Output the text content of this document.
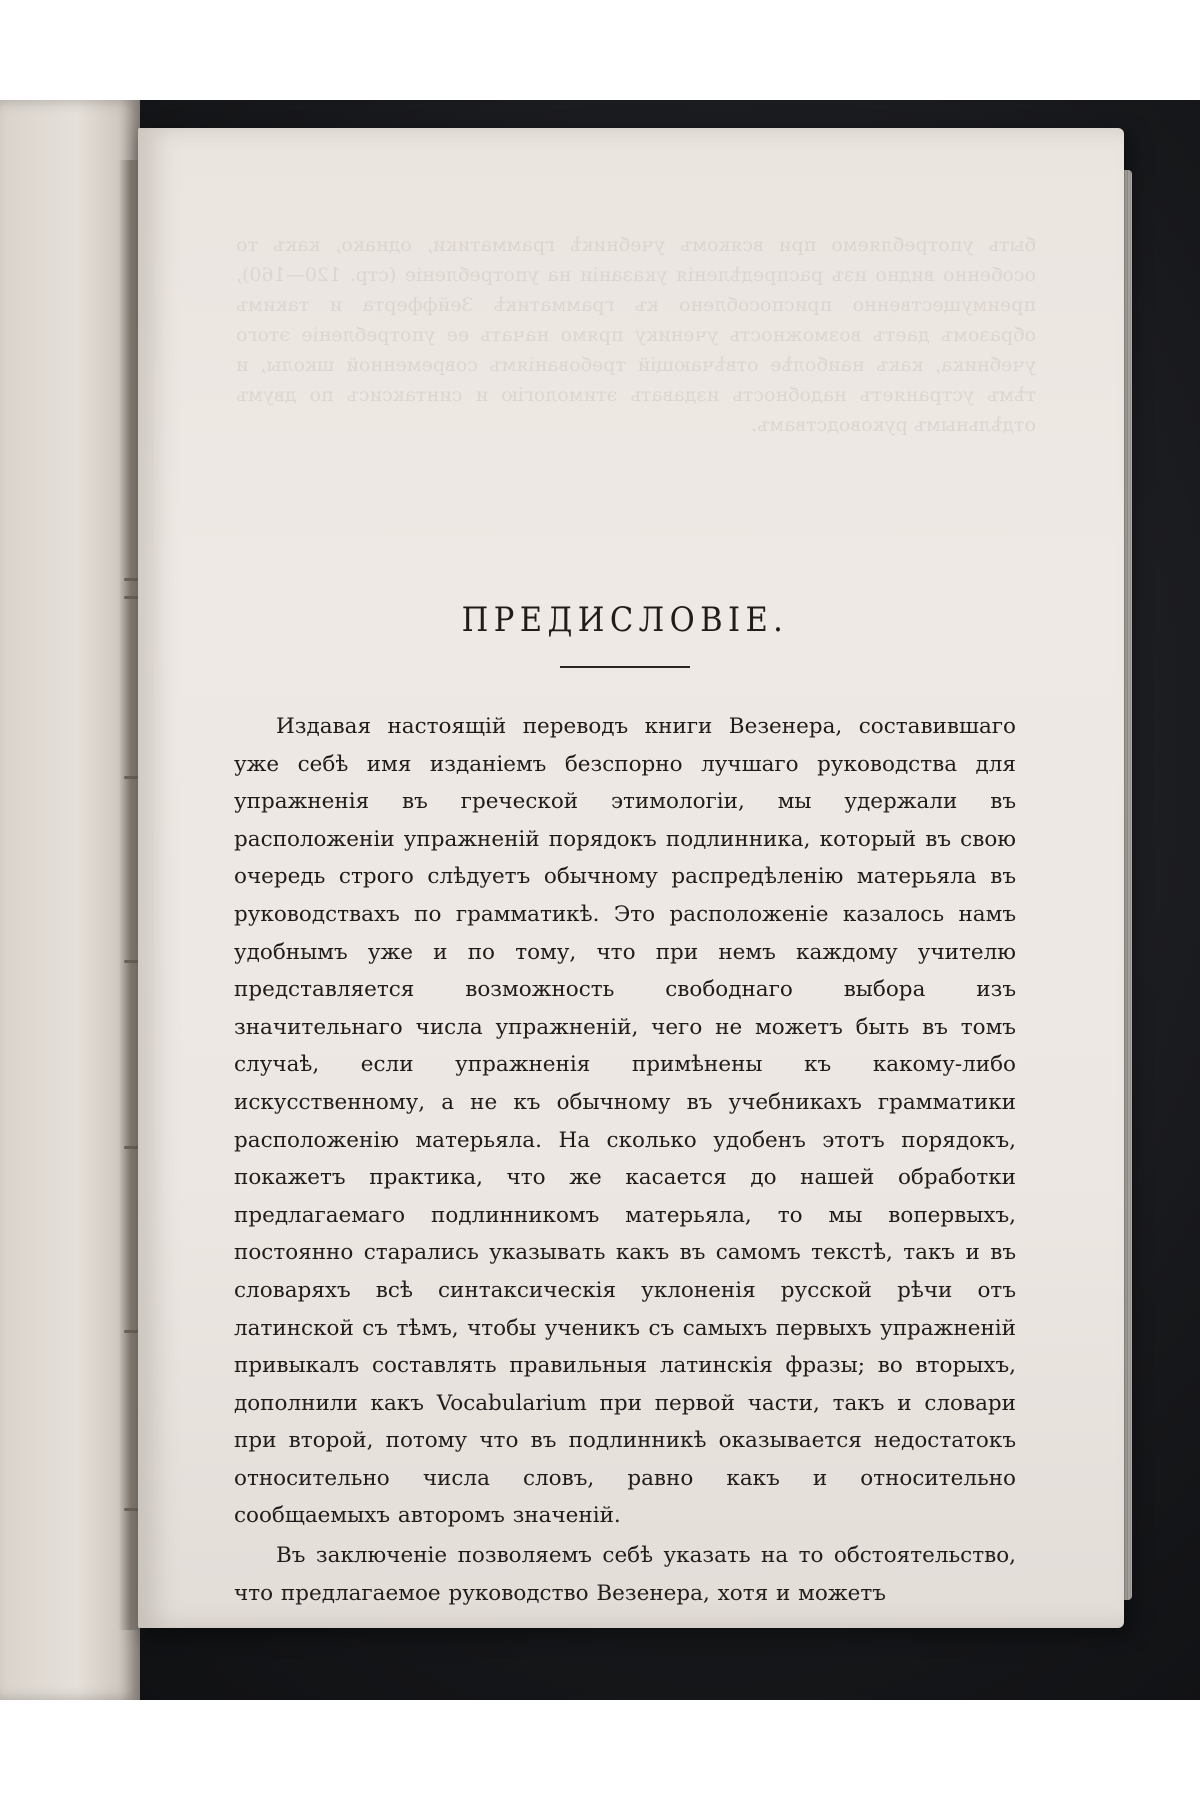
быть употребляемо при всякомъ учебникѣ грамматики, однако, какъ то особенно видно изъ распредѣленія указаніи на употребленіе (стр. 120—160), преимущественно приспособлено къ грамматикѣ Зейфферта и такимъ образомъ даетъ возможность ученику прямо начать ее употребленіе этого учебника, какъ наиболѣе отвѣчающій требованіямъ современной школы, и тѣмъ устраняетъ надобность издавать этимологію и синтаксисъ по двумъ отдѣльнымъ руководствамъ.
ПРЕДИСЛОВІЕ.

Издавая настоящій переводъ книги Везенера, составившаго уже себѣ имя изданіемъ безспорно лучшаго руководства для упражненія въ греческой этимологіи, мы удержали въ расположеніи упражненій порядокъ подлинника, который въ свою очередь строго слѣдуетъ обычному распредѣленію матерьяла въ руководствахъ по грамматикѣ. Это расположеніе казалось намъ удобнымъ уже и по тому, что при немъ каждому учителю представляется возможность свободнаго выбора изъ значительнаго числа упражненій, чего не можетъ быть въ томъ случаѣ, если упражненія примѣнены къ какому-либо искусственному, а не къ обычному въ учебникахъ грамматики расположенію матерьяла. На сколько удобенъ этотъ порядокъ, покажетъ практика, что же касается до нашей обработки предлагаемаго подлинникомъ матерьяла, то мы вопервыхъ, постоянно старались указывать какъ въ самомъ текстѣ, такъ и въ словаряхъ всѣ синтаксическія уклоненія русской рѣчи отъ латинской съ тѣмъ, чтобы ученикъ съ самыхъ первыхъ упражненій привыкалъ составлять правильныя латинскія фразы; во вторыхъ, дополнили какъ Vocabularium при первой части, такъ и словари при второй, потому что въ подлинникѣ оказывается недостатокъ относительно числа словъ, равно какъ и относительно сообщаемыхъ авторомъ значеній.

Въ заключеніе позволяемъ себѣ указать на то обстоятельство, что предлагаемое руководство Везенера, хотя и можетъ
